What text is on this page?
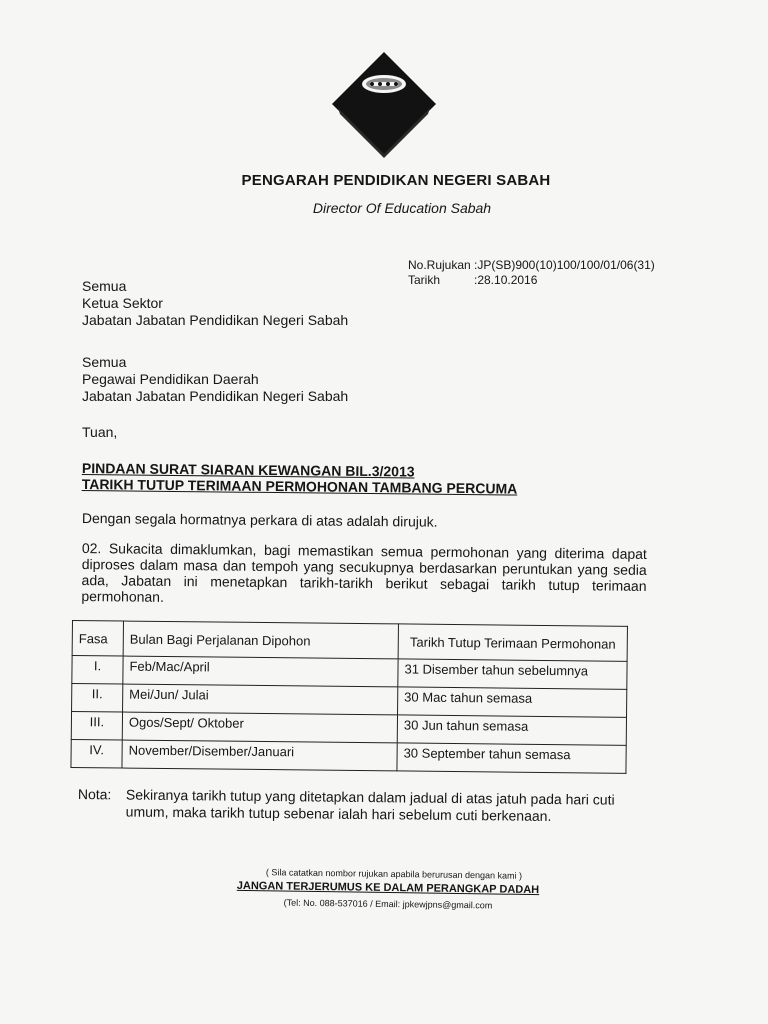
PENGARAH PENDIDIKAN NEGERI SABAH
Director Of Education Sabah
No.Rujukan :JP(SB)900(10)100/100/01/06(31)
Tarikh	:28.10.2016
Semua
Ketua Sektor
Jabatan Jabatan Pendidikan Negeri Sabah
Semua
Pegawai Pendidikan Daerah
Jabatan Jabatan Pendidikan Negeri Sabah
Tuan,
PINDAAN SURAT SIARAN KEWANGAN BIL.3/2013
TARIKH TUTUP TERIMAAN PERMOHONAN TAMBANG PERCUMA
Dengan segala hormatnya perkara di atas adalah dirujuk.
02. Sukacita dimaklumkan, bagi memastikan semua permohonan yang diterima dapat diproses dalam masa dan tempoh yang secukupnya berdasarkan peruntukan yang sedia ada, Jabatan ini menetapkan tarikh-tarikh berikut sebagai tarikh tutup terimaan permohonan.
Fasa	Bulan Bagi Perjalanan Dipohon	Tarikh Tutup Terimaan Permohonan
I.	Feb/Mac/April	31 Disember tahun sebelumnya
II.	Mei/Jun/ Julai	30 Mac tahun semasa
III.	Ogos/Sept/ Oktober	30 Jun tahun semasa
IV.	November/Disember/Januari	30 September tahun semasa
Nota: Sekiranya tarikh tutup yang ditetapkan dalam jadual di atas jatuh pada hari cuti umum, maka tarikh tutup sebenar ialah hari sebelum cuti berkenaan.
( Sila catatkan nombor rujukan apabila berurusan dengan kami )
JANGAN TERJERUMUS KE DALAM PERANGKAP DADAH
(Tel: No. 088-537016 / Email: jpkewjpns@gmail.com
